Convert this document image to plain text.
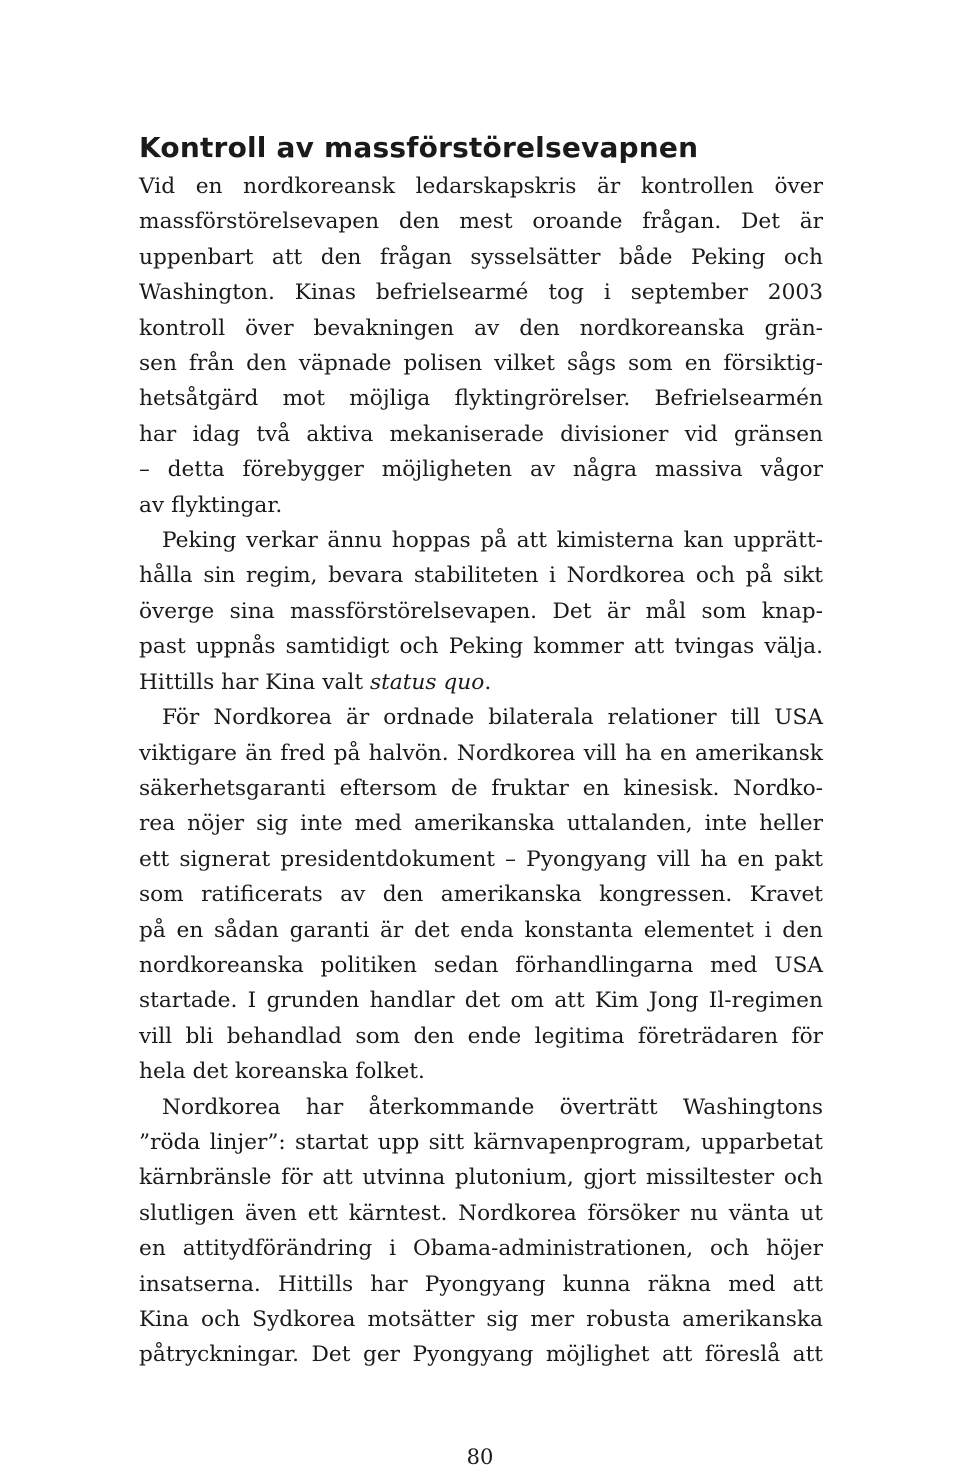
Kontroll av massförstörelsevapnen

Vid en nordkoreansk ledarskapskris är kontrollen över
massförstörelsevapen den mest oroande frågan. Det är
uppenbart att den frågan sysselsätter både Peking och
Washington. Kinas befrielsearmé tog i september 2003
kontroll över bevakningen av den nordkoreanska grän-
sen från den väpnade polisen vilket sågs som en försiktig-
hetsåtgärd mot möjliga flyktingrörelser. Befrielsearmén
har idag två aktiva mekaniserade divisioner vid gränsen
– detta förebygger möjligheten av några massiva vågor
av flyktingar.

Peking verkar ännu hoppas på att kimisterna kan upprätt-
hålla sin regim, bevara stabiliteten i Nordkorea och på sikt
överge sina massförstörelsevapen. Det är mål som knap-
past uppnås samtidigt och Peking kommer att tvingas välja.
Hittills har Kina valt status quo.

För Nordkorea är ordnade bilaterala relationer till USA
viktigare än fred på halvön. Nordkorea vill ha en amerikansk
säkerhetsgaranti eftersom de fruktar en kinesisk. Nordko-
rea nöjer sig inte med amerikanska uttalanden, inte heller
ett signerat presidentdokument – Pyongyang vill ha en pakt
som ratificerats av den amerikanska kongressen. Kravet
på en sådan garanti är det enda konstanta elementet i den
nordkoreanska politiken sedan förhandlingarna med USA
startade. I grunden handlar det om att Kim Jong Il-regimen
vill bli behandlad som den ende legitima företrädaren för
hela det koreanska folket.

Nordkorea har återkommande överträtt Washingtons
”röda linjer”: startat upp sitt kärnvapenprogram, upparbetat
kärnbränsle för att utvinna plutonium, gjort missiltester och
slutligen även ett kärntest. Nordkorea försöker nu vänta ut
en attitydförändring i Obama-administrationen, och höjer
insatserna. Hittills har Pyongyang kunna räkna med att
Kina och Sydkorea motsätter sig mer robusta amerikanska
påtryckningar. Det ger Pyongyang möjlighet att föreslå att

80
